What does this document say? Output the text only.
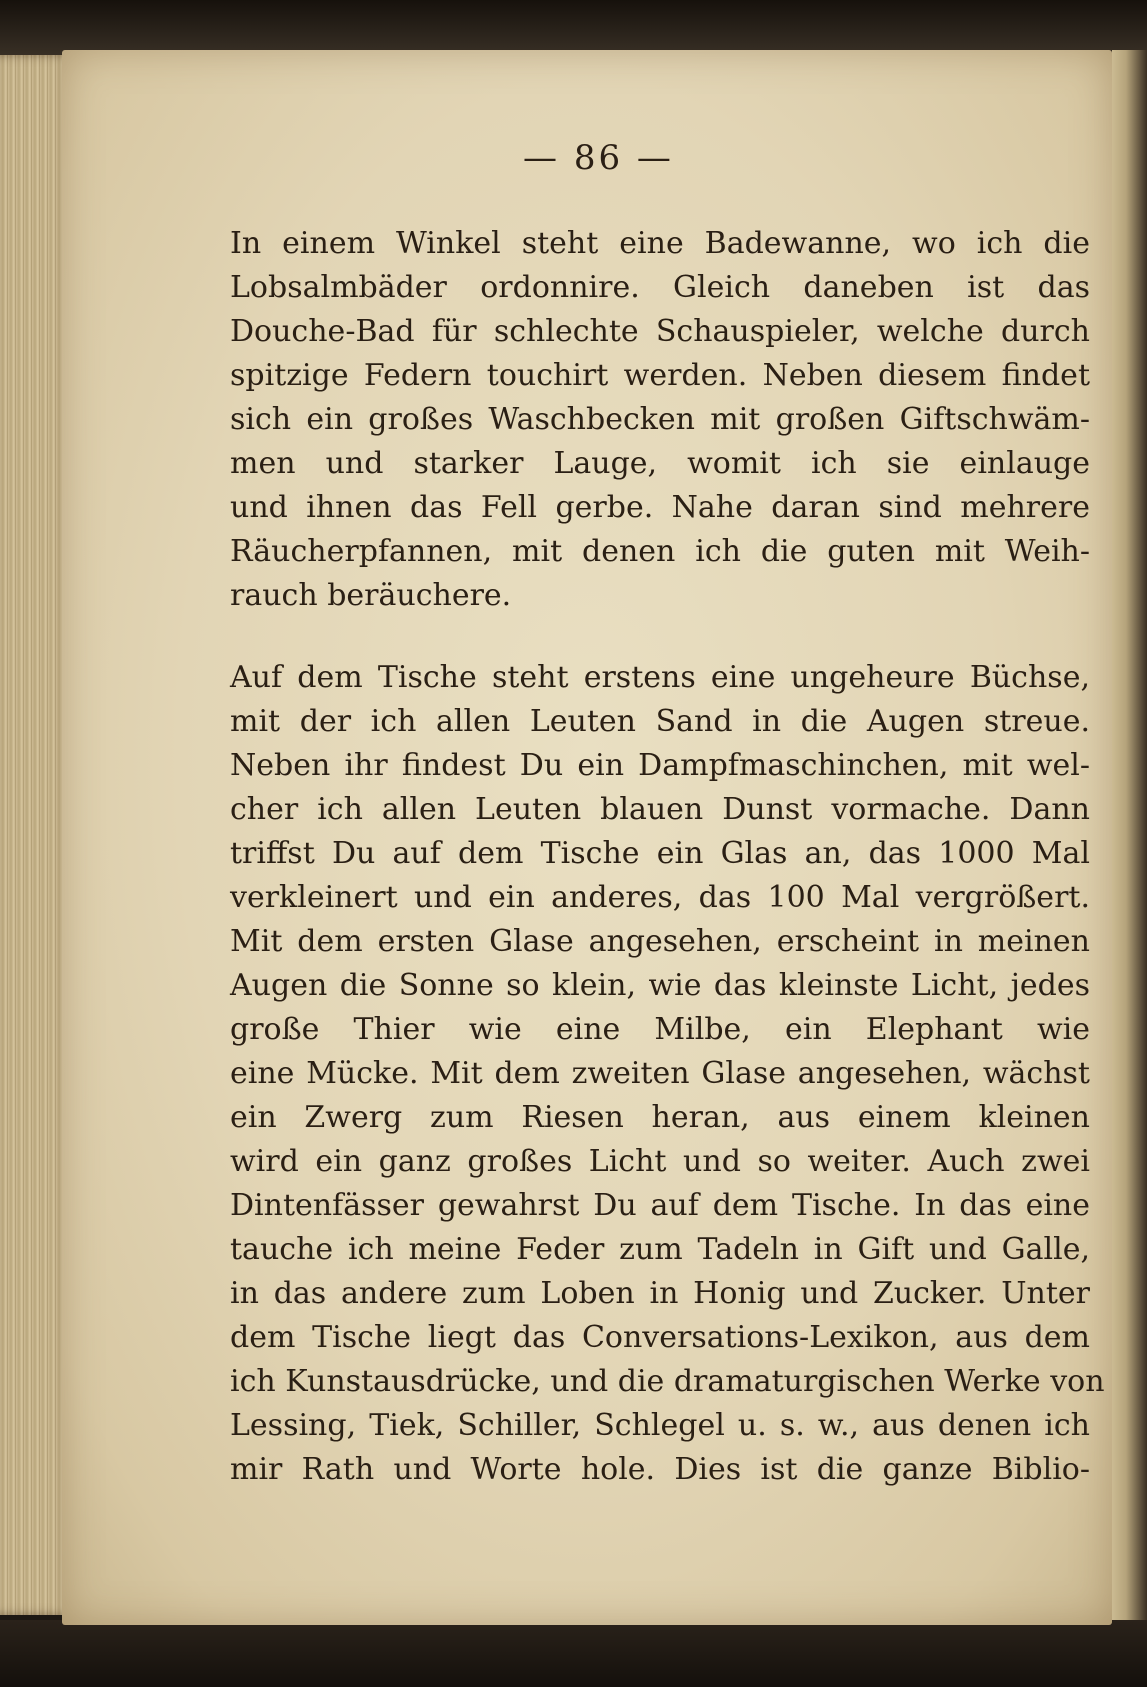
— 86 —
In einem Winkel steht eine Badewanne, wo ich die
Lobsalmbäder ordonnire. Gleich daneben ist das
Douche-Bad für schlechte Schauspieler, welche durch
spitzige Federn touchirt werden. Neben diesem findet
sich ein großes Waschbecken mit großen Giftschwäm-
men und starker Lauge, womit ich sie einlauge
und ihnen das Fell gerbe. Nahe daran sind mehrere
Räucherpfannen, mit denen ich die guten mit Weih-
rauch beräuchere.
Auf dem Tische steht erstens eine ungeheure Büchse,
mit der ich allen Leuten Sand in die Augen streue.
Neben ihr findest Du ein Dampfmaschinchen, mit wel-
cher ich allen Leuten blauen Dunst vormache. Dann
triffst Du auf dem Tische ein Glas an, das 1000 Mal
verkleinert und ein anderes, das 100 Mal vergrößert.
Mit dem ersten Glase angesehen, erscheint in meinen
Augen die Sonne so klein, wie das kleinste Licht, jedes
große Thier wie eine Milbe, ein Elephant wie
eine Mücke. Mit dem zweiten Glase angesehen, wächst
ein Zwerg zum Riesen heran, aus einem kleinen
wird ein ganz großes Licht und so weiter. Auch zwei
Dintenfässer gewahrst Du auf dem Tische. In das eine
tauche ich meine Feder zum Tadeln in Gift und Galle,
in das andere zum Loben in Honig und Zucker. Unter
dem Tische liegt das Conversations-Lexikon, aus dem
ich Kunstausdrücke, und die dramaturgischen Werke von
Lessing, Tiek, Schiller, Schlegel u. s. w., aus denen ich
mir Rath und Worte hole. Dies ist die ganze Biblio-
